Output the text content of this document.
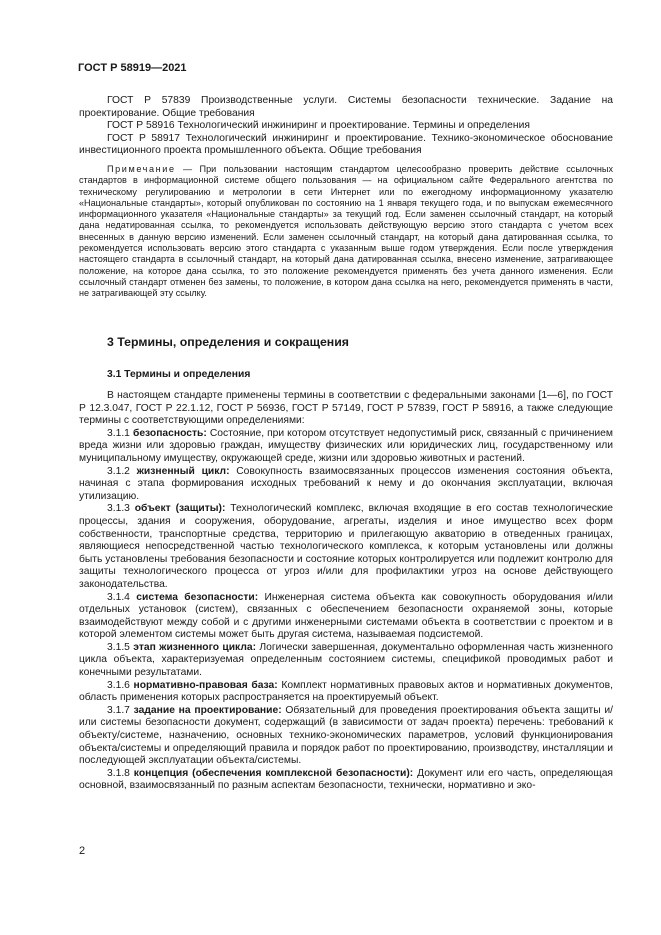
ГОСТ Р 58919—2021

ГОСТ Р 57839 Производственные услуги. Системы безопасности технические. Задание на проектирование. Общие требования

ГОСТ Р 58916 Технологический инжиниринг и проектирование. Термины и определения

ГОСТ Р 58917 Технологический инжиниринг и проектирование. Технико-экономическое обоснование инвестиционного проекта промышленного объекта. Общие требования

Примечание — При пользовании настоящим стандартом целесообразно проверить действие ссылочных стандартов в информационной системе общего пользования — на официальном сайте Федерального агентства по техническому регулированию и метрологии в сети Интернет или по ежегодному информационному указателю «Национальные стандарты», который опубликован по состоянию на 1 января текущего года, и по выпускам ежемесячного информационного указателя «Национальные стандарты» за текущий год. Если заменен ссылочный стандарт, на который дана недатированная ссылка, то рекомендуется использовать действующую версию этого стандарта с учетом всех внесенных в данную версию изменений. Если заменен ссылочный стандарт, на который дана датированная ссылка, то рекомендуется использовать версию этого стандарта с указанным выше годом утверждения. Если после утверждения настоящего стандарта в ссылочный стандарт, на который дана датированная ссылка, внесено изменение, затрагивающее положение, на которое дана ссылка, то это положение рекомендуется применять без учета данного изменения. Если ссылочный стандарт отменен без замены, то положение, в котором дана ссылка на него, рекомендуется применять в части, не затрагивающей эту ссылку.

3 Термины, определения и сокращения

3.1 Термины и определения

В настоящем стандарте применены термины в соответствии с федеральными законами [1—6], по ГОСТ Р 12.3.047, ГОСТ Р 22.1.12, ГОСТ Р 56936, ГОСТ Р 57149, ГОСТ Р 57839, ГОСТ Р 58916, а также следующие термины с соответствующими определениями:

3.1.1 безопасность: Состояние, при котором отсутствует недопустимый риск, связанный с причинением вреда жизни или здоровью граждан, имуществу физических или юридических лиц, государственному или муниципальному имуществу, окружающей среде, жизни или здоровью животных и растений.

3.1.2 жизненный цикл: Совокупность взаимосвязанных процессов изменения состояния объекта, начиная с этапа формирования исходных требований к нему и до окончания эксплуатации, включая утилизацию.

3.1.3 объект (защиты): Технологический комплекс, включая входящие в его состав технологические процессы, здания и сооружения, оборудование, агрегаты, изделия и иное имущество всех форм собственности, транспортные средства, территорию и прилегающую акваторию в отведенных границах, являющиеся непосредственной частью технологического комплекса, к которым установлены или должны быть установлены требования безопасности и состояние которых контролируется или подлежит контролю для защиты технологического процесса от угроз и/или для профилактики угроз на основе действующего законодательства.

3.1.4 система безопасности: Инженерная система объекта как совокупность оборудования и/или отдельных установок (систем), связанных с обеспечением безопасности охраняемой зоны, которые взаимодействуют между собой и с другими инженерными системами объекта в соответствии с проектом и в которой элементом системы может быть другая система, называемая подсистемой.

3.1.5 этап жизненного цикла: Логически завершенная, документально оформленная часть жизненного цикла объекта, характеризуемая определенным состоянием системы, спецификой проводимых работ и конечными результатами.

3.1.6 нормативно-правовая база: Комплект нормативных правовых актов и нормативных документов, область применения которых распространяется на проектируемый объект.

3.1.7 задание на проектирование: Обязательный для проведения проектирования объекта защиты и/или системы безопасности документ, содержащий (в зависимости от задач проекта) перечень: требований к объекту/системе, назначению, основных технико-экономических параметров, условий функционирования объекта/системы и определяющий правила и порядок работ по проектированию, производству, инсталляции и последующей эксплуатации объекта/системы.

3.1.8 концепция (обеспечения комплексной безопасности): Документ или его часть, определяющая основной, взаимосвязанный по разным аспектам безопасности, технически, нормативно и эко-

2
